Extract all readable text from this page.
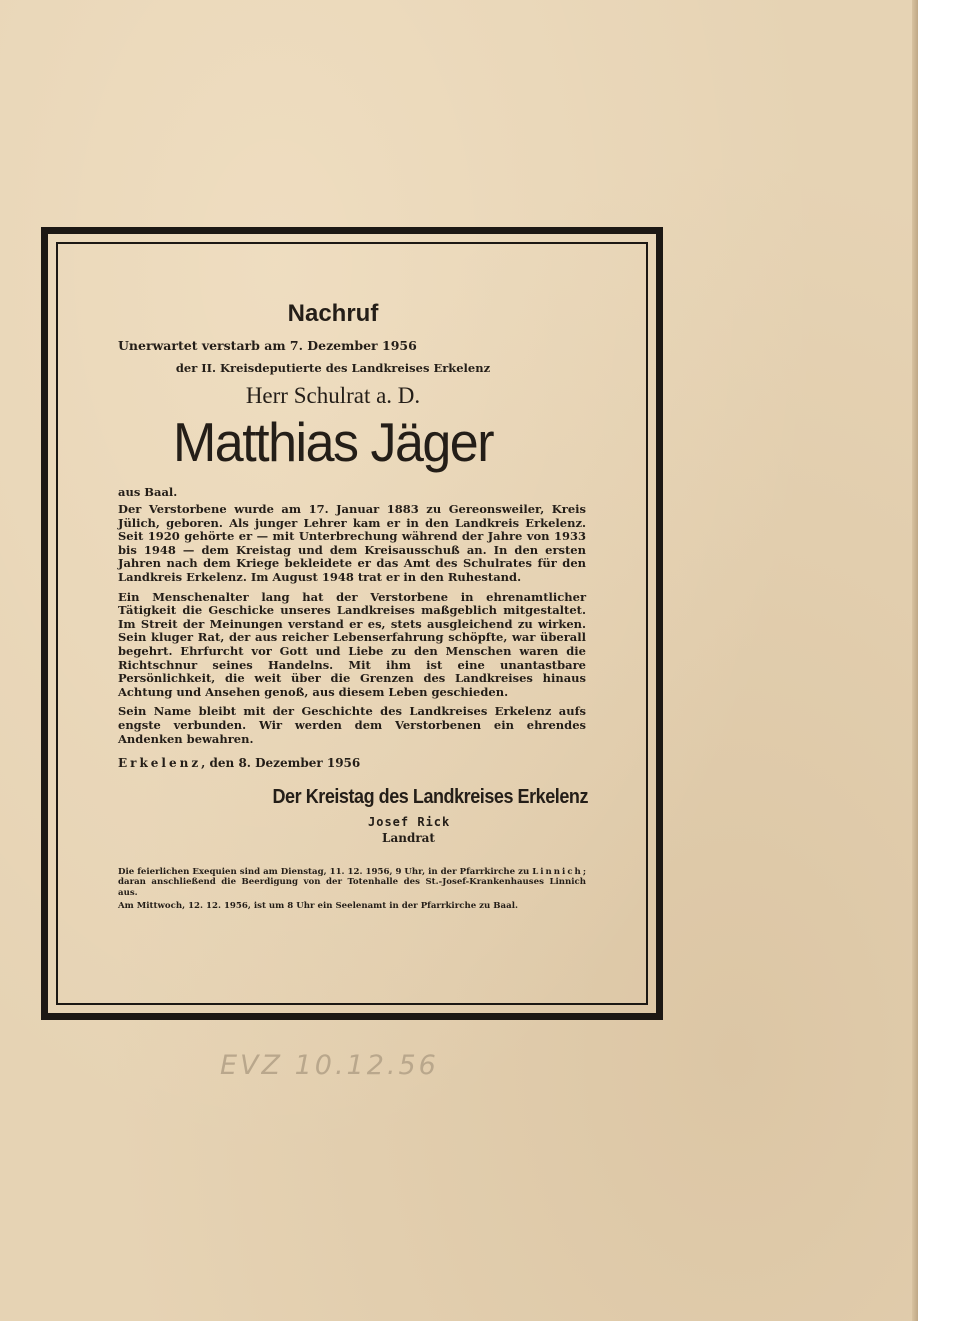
Nachruf
Unerwartet verstarb am 7. Dezember 1956
der II. Kreisdeputierte des Landkreises Erkelenz
Herr Schulrat a. D.
Matthias Jäger
aus Baal.
Der Verstorbene wurde am 17. Januar 1883 zu Gereonsweiler, Kreis Jülich, geboren. Als junger Lehrer kam er in den Landkreis Erkelenz. Seit 1920 gehörte er — mit Unterbrechung während der Jahre von 1933 bis 1948 — dem Kreistag und dem Kreisausschuß an. In den ersten Jahren nach dem Kriege bekleidete er das Amt des Schulrates für den Landkreis Erkelenz. Im August 1948 trat er in den Ruhestand.
Ein Menschenalter lang hat der Verstorbene in ehrenamtlicher Tätigkeit die Geschicke unseres Landkreises maßgeblich mitgestaltet. Im Streit der Meinungen verstand er es, stets ausgleichend zu wirken. Sein kluger Rat, der aus reicher Lebenserfahrung schöpfte, war überall begehrt. Ehrfurcht vor Gott und Liebe zu den Menschen waren die Richtschnur seines Handelns. Mit ihm ist eine unantastbare Persönlichkeit, die weit über die Grenzen des Landkreises hinaus Achtung und Ansehen genoß, aus diesem Leben geschieden.
Sein Name bleibt mit der Geschichte des Landkreises Erkelenz aufs engste verbunden. Wir werden dem Verstorbenen ein ehrendes Andenken bewahren.
Erkelenz, den 8. Dezember 1956
Der Kreistag des Landkreises Erkelenz
Josef Rick
Landrat
Die feierlichen Exequien sind am Dienstag, 11. 12. 1956, 9 Uhr, in der Pfarrkirche zu Linnich; daran anschließend die Beerdigung von der Totenhalle des St.-Josef-Krankenhauses Linnich aus.
Am Mittwoch, 12. 12. 1956, ist um 8 Uhr ein Seelenamt in der Pfarrkirche zu Baal.
EVZ 10.12.56
